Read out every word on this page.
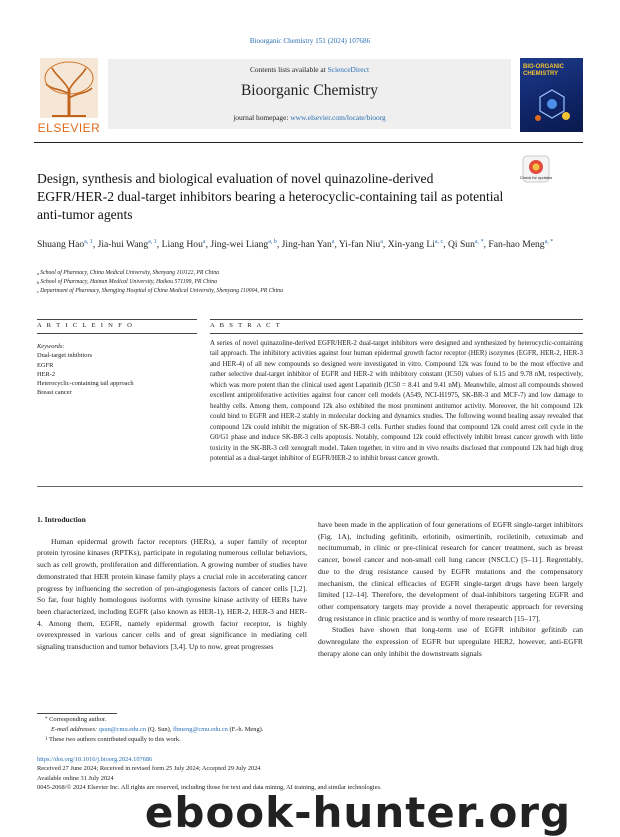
Bioorganic Chemistry 151 (2024) 107686
ELSEVIER
Contents lists available at ScienceDirect
Bioorganic Chemistry
journal homepage: www.elsevier.com/locate/bioorg
BIO-ORGANIC CHEMISTRY
Design, synthesis and biological evaluation of novel quinazoline-derived EGFR/HER-2 dual-target inhibitors bearing a heterocyclic-containing tail as potential anti-tumor agents
Check for updates
Shuang Hao$^{a, 1}$, Jia-hui Wang$^{a, 1}$, Liang Hou$^a$, Jing-wei Liang$^{a, b}$, Jing-han Yan$^a$, Yi-fan Niu$^a$, Xin-yang Li$^{a, c}$, Qi Sun$^{a, *}$, Fan-hao Meng$^{a, *}$
$^a$ School of Pharmacy, China Medical University, Shenyang 110122, PR China
$^b$ School of Pharmacy, Hainan Medical University, Haikou 571199, PR China
$^c$ Department of Pharmacy, Shengjing Hospital of China Medical University, Shenyang 110004, PR China
A R T I C L E I N F O	A B S T R A C T
Keywords:
Dual-target inhibitors
EGFR
HER-2
Heterocyclic-containing tail approach
Breast cancer
A series of novel quinazoline-derived EGFR/HER-2 dual-target inhibitors were designed and synthesized by heterocyclic-containing tail approach. The inhibitory activities against four human epidermal growth factor receptor (HER) isozymes (EGFR, HER-2, HER-3 and HER-4) of all new compounds so designed were investigated in vitro. Compound 12k was found to be the most effective and rather selective dual-target inhibitor of EGFR and HER-2 with inhibitory constant (IC50) values of 6.15 and 9.78 nM, respectively, which was more potent than the clinical used agent Lapatinib (IC50 = 8.41 and 9.41 nM). Meanwhile, almost all compounds showed excellent antiproliferative activities against four cancer cell models (A549, NCI-H1975, SK-BR-3 and MCF-7) and low damage to healthy cells. Among them, compound 12k also exhibited the most prominent antitumor activity. Moreover, the hit compound 12k could bind to EGFR and HER-2 stably in molecular docking and dynamics studies. The following wound healing assay revealed that compound 12k could inhibit the migration of SK-BR-3 cells. Further studies found that compound 12k could arrest cell cycle in the G0/G1 phase and induce SK-BR-3 cells apoptosis. Notably, compound 12k could effectively inhibit breast cancer growth with little toxicity in the SK-BR-3 cell xenograft model. Taken together, in vitro and in vivo results disclosed that compound 12k had high drug potential as a dual-target inhibitor of EGFR/HER-2 to inhibit breast cancer growth.
1. Introduction
Human epidermal growth factor receptors (HERs), a super family of receptor protein tyrosine kinases (RPTKs), participate in regulating numerous cellular behaviors, such as cell growth, proliferation and differentiation. A growing number of studies have demonstrated that HER protein kinase family plays a crucial role in accelerating cancer progress by influencing the secretion of pro-angiogenesis factors of cancer cells [1,2]. So far, four highly homologous isoforms with tyrosine kinase activity of HERs have been characterized, including EGFR (also known as HER-1), HER-2, HER-3 and HER-4. Among them, EGFR, namely epidermal growth factor receptor, is highly overexpressed in various cancer cells and of great significance in mediating cell signaling transduction and tumor behaviors [3,4]. Up to now, great progresses
have been made in the application of four generations of EGFR single-target inhibitors (Fig. 1A), including gefitinib, erlotinib, osimertinib, rociletinib, cetuximab and necitumumab, in clinic or pre-clinical research for cancer treatment, such as breast cancer, bowel cancer and non-small cell lung cancer (NSCLC) [5–11]. Regrettably, due to the drug resistance caused by EGFR mutations and the compensatory mechanism, the clinical efficacies of EGFR single-target drugs have been largely limited [12–14]. Therefore, the development of dual-inhibitors targeting EGFR and other compensatory targets may provide a novel therapeutic approach for reversing drug resistance in clinic practice and is worthy of more research [15–17].
Studies have shown that long-term use of EGFR inhibitor gefitinib can downregulate the expression of EGFR but upregulate HER2, however, anti-EGFR therapy alone can only inhibit the downstream signals
* Corresponding author.
E-mail addresses: qsun@cmu.edu.cn (Q. Sun), fhmeng@cmu.edu.cn (F.-h. Meng).
$^1$ These two authors contributed equally to this work.
https://doi.org/10.1016/j.bioorg.2024.107686
Received 27 June 2024; Received in revised form 25 July 2024; Accepted 29 July 2024
Available online 31 July 2024
0045-2068/© 2024 Elsevier Inc. All rights are reserved, including those for text and data mining, AI training, and similar technologies.
ebook-hunter.org
